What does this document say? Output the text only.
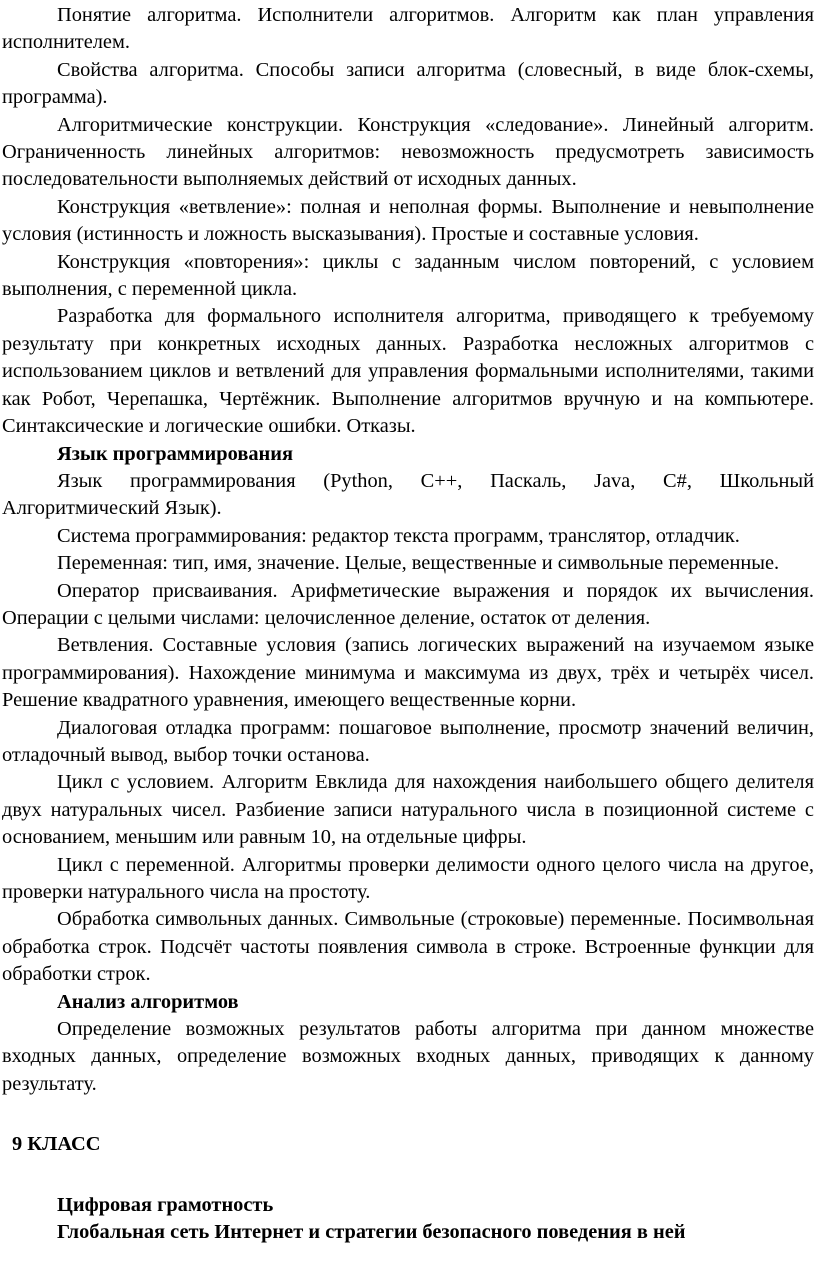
Понятие алгоритма. Исполнители алгоритмов. Алгоритм как план управления исполнителем.

Свойства алгоритма. Способы записи алгоритма (словесный, в виде блок-схемы, программа).

Алгоритмические конструкции. Конструкция «следование». Линейный алгоритм. Ограниченность линейных алгоритмов: невозможность предусмотреть зависимость последовательности выполняемых действий от исходных данных.

Конструкция «ветвление»: полная и неполная формы. Выполнение и невыполнение условия (истинность и ложность высказывания). Простые и составные условия.

Конструкция «повторения»: циклы с заданным числом повторений, с условием выполнения, с переменной цикла.

Разработка для формального исполнителя алгоритма, приводящего к требуемому результату при конкретных исходных данных. Разработка несложных алгоритмов с использованием циклов и ветвлений для управления формальными исполнителями, такими как Робот, Черепашка, Чертёжник. Выполнение алгоритмов вручную и на компьютере. Синтаксические и логические ошибки. Отказы.

Язык программирования

Язык программирования (Python, C++, Паскаль, Java, C#, Школьный Алгоритмический Язык).

Система программирования: редактор текста программ, транслятор, отладчик.

Переменная: тип, имя, значение. Целые, вещественные и символьные переменные.

Оператор присваивания. Арифметические выражения и порядок их вычисления. Операции с целыми числами: целочисленное деление, остаток от деления.

Ветвления. Составные условия (запись логических выражений на изучаемом языке программирования). Нахождение минимума и максимума из двух, трёх и четырёх чисел. Решение квадратного уравнения, имеющего вещественные корни.

Диалоговая отладка программ: пошаговое выполнение, просмотр значений величин, отладочный вывод, выбор точки останова.

Цикл с условием. Алгоритм Евклида для нахождения наибольшего общего делителя двух натуральных чисел. Разбиение записи натурального числа в позиционной системе с основанием, меньшим или равным 10, на отдельные цифры.

Цикл с переменной. Алгоритмы проверки делимости одного целого числа на другое, проверки натурального числа на простоту.

Обработка символьных данных. Символьные (строковые) переменные. Посимвольная обработка строк. Подсчёт частоты появления символа в строке. Встроенные функции для обработки строк.

Анализ алгоритмов

Определение возможных результатов работы алгоритма при данном множестве входных данных, определение возможных входных данных, приводящих к данному результату.

9 КЛАСС

Цифровая грамотность

Глобальная сеть Интернет и стратегии безопасного поведения в ней
